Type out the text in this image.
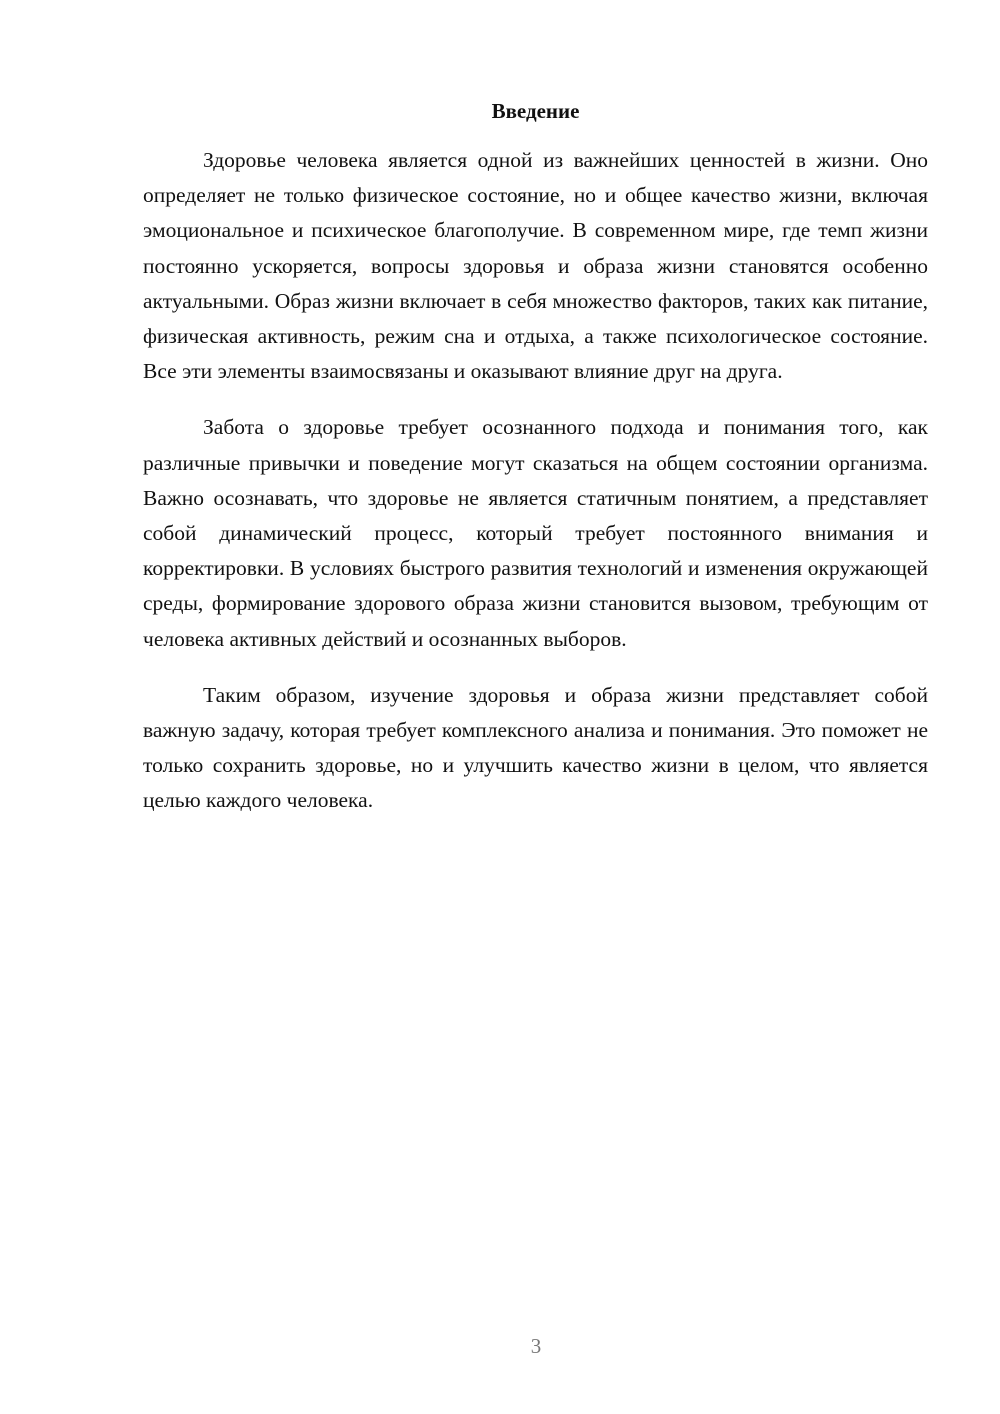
Введение

Здоровье человека является одной из важнейших ценностей в жизни. Оно определяет не только физическое состояние, но и общее качество жизни, включая эмоциональное и психическое благополучие. В современном мире, где темп жизни постоянно ускоряется, вопросы здоровья и образа жизни становятся особенно актуальными. Образ жизни включает в себя множество факторов, таких как питание, физическая активность, режим сна и отдыха, а также психологическое состояние. Все эти элементы взаимосвязаны и оказывают влияние друг на друга.

Забота о здоровье требует осознанного подхода и понимания того, как различные привычки и поведение могут сказаться на общем состоянии организма. Важно осознавать, что здоровье не является статичным понятием, а представляет собой динамический процесс, который требует постоянного внимания и корректировки. В условиях быстрого развития технологий и изменения окружающей среды, формирование здорового образа жизни становится вызовом, требующим от человека активных действий и осознанных выборов.

Таким образом, изучение здоровья и образа жизни представляет собой важную задачу, которая требует комплексного анализа и понимания. Это поможет не только сохранить здоровье, но и улучшить качество жизни в целом, что является целью каждого человека.

3
